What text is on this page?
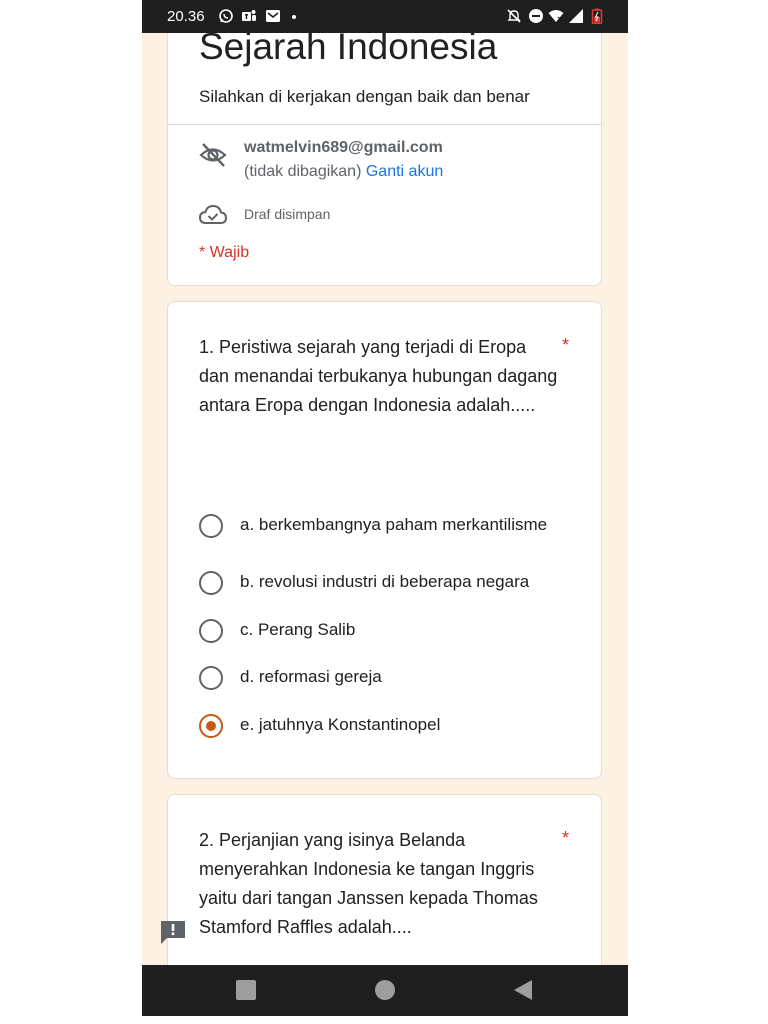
20.36
Sejarah Indonesia
Silahkan di kerjakan dengan baik dan benar
watmelvin689@gmail.com
(tidak dibagikan) Ganti akun
Draf disimpan
* Wajib
1. Peristiwa sejarah yang terjadi di Eropa dan menandai terbukanya hubungan dagang antara Eropa dengan Indonesia adalah.....
*
a. berkembangnya paham merkantilisme
b. revolusi industri di beberapa negara
c. Perang Salib
d. reformasi gereja
e. jatuhnya Konstantinopel
2. Perjanjian yang isinya Belanda menyerahkan Indonesia ke tangan Inggris yaitu dari tangan Janssen kepada Thomas Stamford Raffles adalah....
*
